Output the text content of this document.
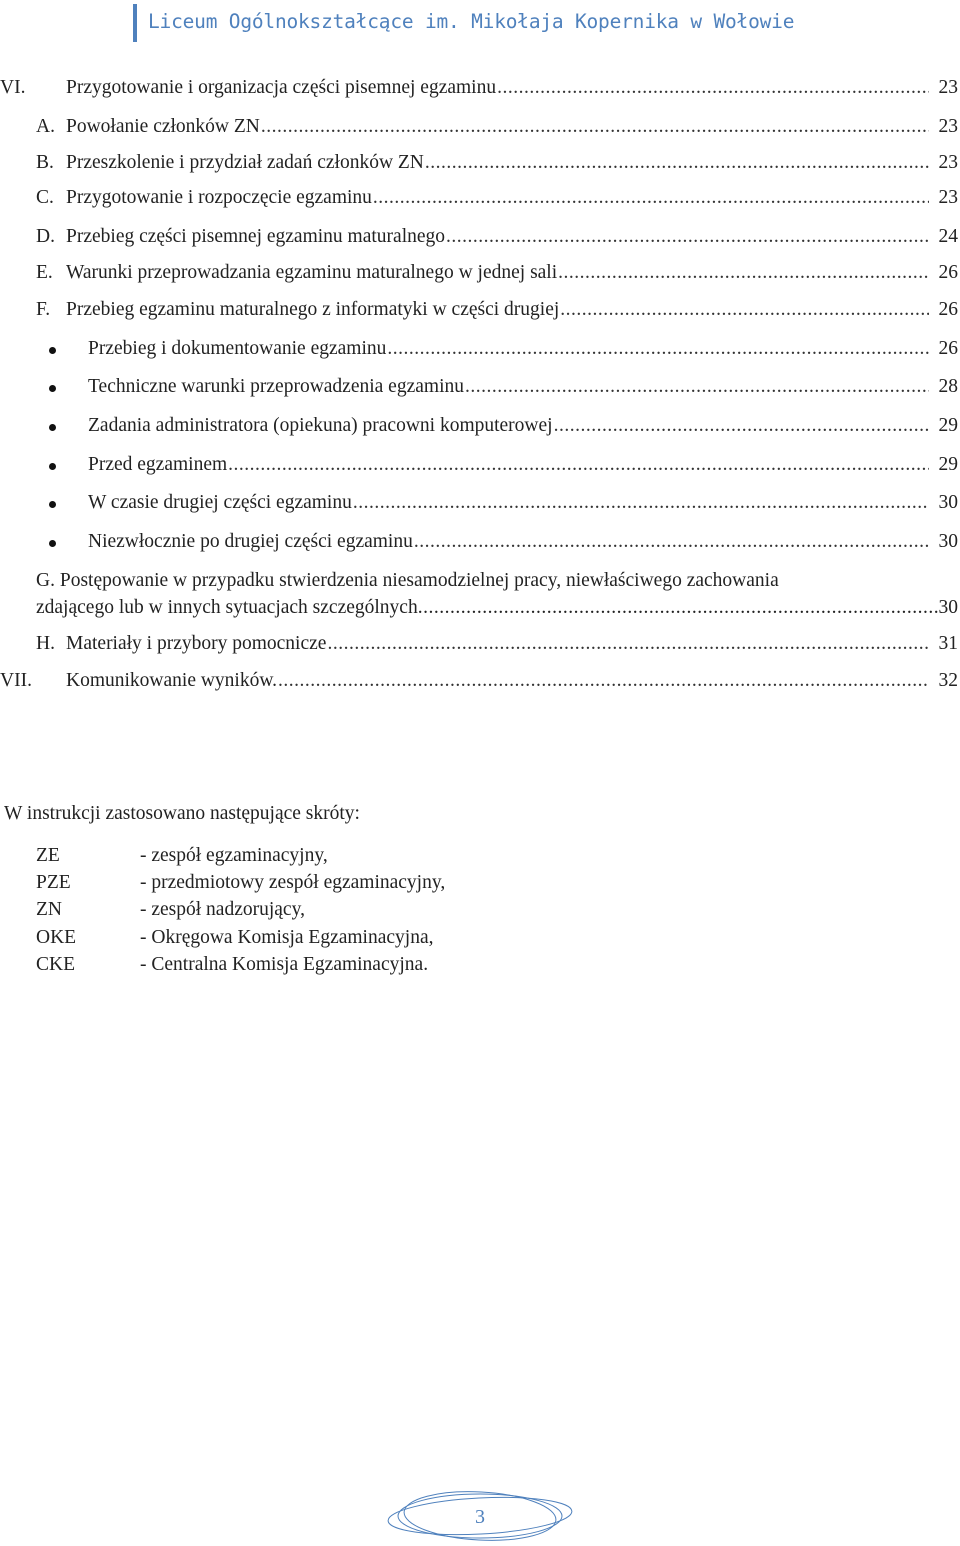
Liceum Ogólnokształcące im. Mikołaja Kopernika w Wołowie
VI.	Przygotowanie i organizacja części pisemnej egzaminu .....	23
A. Powołanie członków ZN .....	23
B. Przeszkolenie i przydział zadań członków ZN .....	23
C. Przygotowanie i rozpoczęcie egzaminu .....	23
D. Przebieg części pisemnej egzaminu maturalnego .....	24
E. Warunki przeprowadzania egzaminu maturalnego w jednej sali .....	26
F. Przebieg egzaminu maturalnego z informatyki w części drugiej .....	26
Przebieg i dokumentowanie egzaminu .....	26
Techniczne warunki przeprowadzenia egzaminu .....	28
Zadania administratora (opiekuna) pracowni komputerowej .....	29
Przed egzaminem .....	29
W czasie drugiej części egzaminu .....	30
Niezwłocznie po drugiej części egzaminu .....	30
G. Postępowanie w przypadku stwierdzenia niesamodzielnej pracy, niewłaściwego zachowania
zdającego lub w innych sytuacjach szczególnych .....	30
H. Materiały i przybory pomocnicze .....	31
VII.	Komunikowanie wyników. .....	32
W instrukcji zastosowano następujące skróty:
ZE	- zespół egzaminacyjny,
PZE	- przedmiotowy zespół egzaminacyjny,
ZN	- zespół nadzorujący,
OKE	- Okręgowa Komisja Egzaminacyjna,
CKE	- Centralna Komisja Egzaminacyjna.
3
